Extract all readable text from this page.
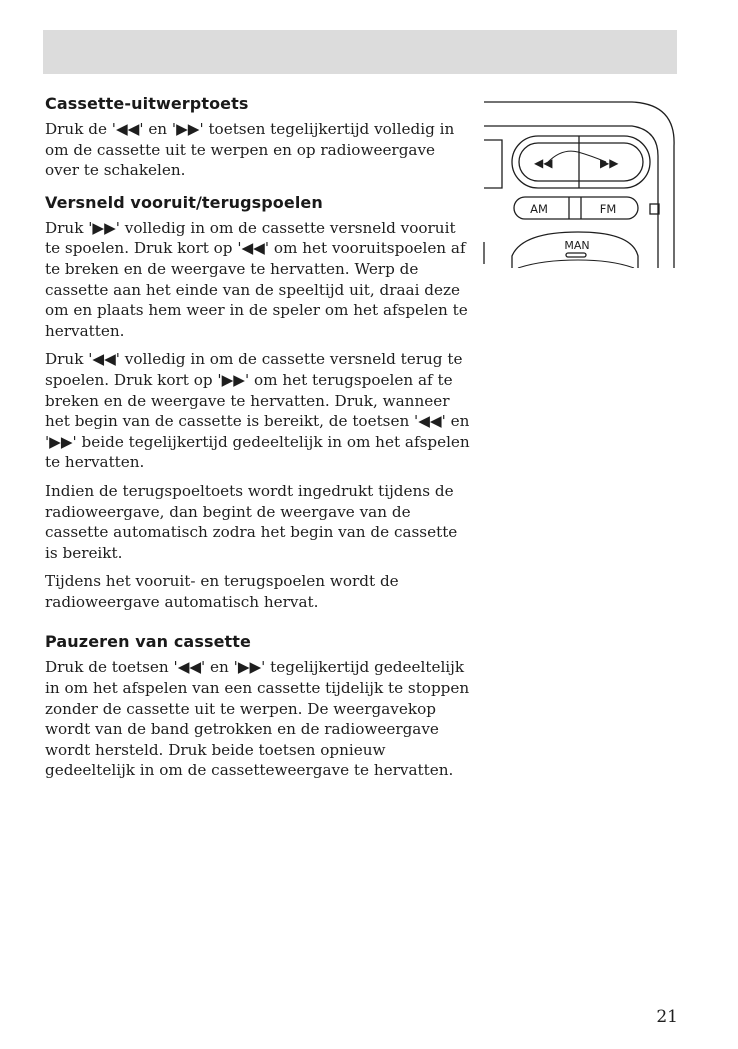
Cassette-uitwerptoets

Druk de '◀◀' en '▶▶' toetsen tegelijkertijd volledig in om de cassette uit te werpen en op radioweergave over te schakelen.

Versneld vooruit/terugspoelen

Druk '▶▶' volledig in om de cassette versneld vooruit te spoelen. Druk kort op '◀◀' om het vooruitspoelen af te breken en de weergave te hervatten. Werp de cassette aan het einde van de speeltijd uit, draai deze om en plaats hem weer in de speler om het afspelen te hervatten.

Druk '◀◀' volledig in om de cassette versneld terug te spoelen. Druk kort op '▶▶' om het terugspoelen af te breken en de weergave te hervatten. Druk, wanneer het begin van de cassette is bereikt, de toetsen '◀◀' en '▶▶' beide tegelijkertijd gedeeltelijk in om het afspelen te hervatten.

Indien de terugspoeltoets wordt ingedrukt tijdens de radioweergave, dan begint de weergave van de cassette automatisch zodra het begin van de cassette is bereikt.

Tijdens het vooruit- en terugspoelen wordt de radioweergave automatisch hervat.

Pauzeren van cassette

Druk de toetsen '◀◀' en '▶▶' tegelijkertijd gedeeltelijk in om het afspelen van een cassette tijdelijk te stoppen zonder de cassette uit te werpen. De weergavekop wordt van de band getrokken en de radioweergave wordt hersteld. Druk beide toetsen opnieuw gedeeltelijk in om de cassetteweergave te hervatten.

◀◀	▶▶
AM	FM
MAN
21
